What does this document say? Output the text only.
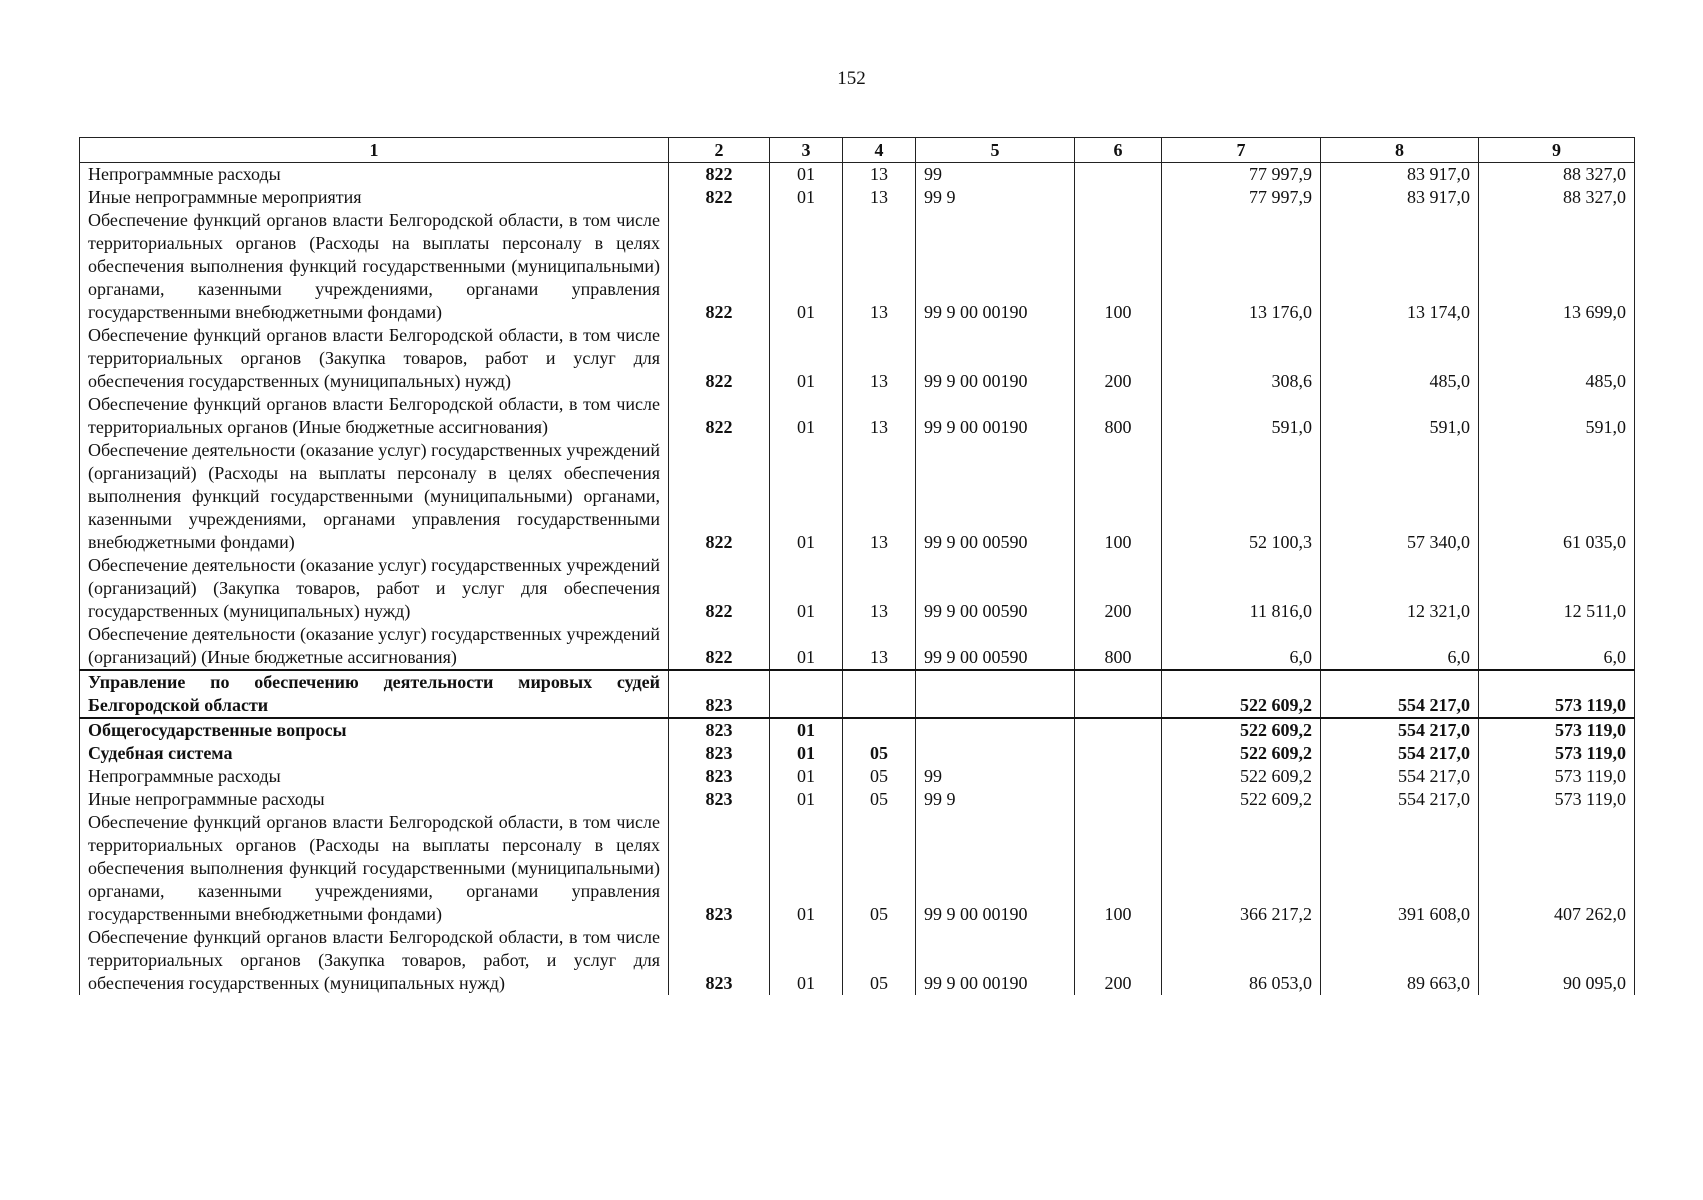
152
1	2	3	4	5	6	7	8	9
Непрограммные расходы	822	01	13	99		77 997,9	83 917,0	88 327,0
Иные непрограммные мероприятия	822	01	13	99 9		77 997,9	83 917,0	88 327,0
Обеспечение функций органов власти Белгородской области, в том числе территориальных органов (Расходы на выплаты персоналу в целях обеспечения выполнения функций государственными (муниципальными) органами, казенными учреждениями, органами управления государственными внебюджетными фондами)	822	01	13	99 9 00 00190	100	13 176,0	13 174,0	13 699,0
Обеспечение функций органов власти Белгородской области, в том числе территориальных органов (Закупка товаров, работ и услуг для обеспечения государственных (муниципальных) нужд)	822	01	13	99 9 00 00190	200	308,6	485,0	485,0
Обеспечение функций органов власти Белгородской области, в том числе территориальных органов (Иные бюджетные ассигнования)	822	01	13	99 9 00 00190	800	591,0	591,0	591,0
Обеспечение деятельности (оказание услуг) государственных учреждений (организаций) (Расходы на выплаты персоналу в целях обеспечения выполнения функций государственными (муниципальными) органами, казенными учреждениями, органами управления государственными внебюджетными фондами)	822	01	13	99 9 00 00590	100	52 100,3	57 340,0	61 035,0
Обеспечение деятельности (оказание услуг) государственных учреждений (организаций) (Закупка товаров, работ и услуг для обеспечения государственных (муниципальных) нужд)	822	01	13	99 9 00 00590	200	11 816,0	12 321,0	12 511,0
Обеспечение деятельности (оказание услуг) государственных учреждений (организаций) (Иные бюджетные ассигнования)	822	01	13	99 9 00 00590	800	6,0	6,0	6,0
Управление по обеспечению деятельности мировых судей Белгородской области	823					522 609,2	554 217,0	573 119,0
Общегосударственные вопросы	823	01				522 609,2	554 217,0	573 119,0
Судебная система	823	01	05			522 609,2	554 217,0	573 119,0
Непрограммные расходы	823	01	05	99		522 609,2	554 217,0	573 119,0
Иные непрограммные расходы	823	01	05	99 9		522 609,2	554 217,0	573 119,0
Обеспечение функций органов власти Белгородской области, в том числе территориальных органов (Расходы на выплаты персоналу в целях обеспечения выполнения функций государственными (муниципальными) органами, казенными учреждениями, органами управления государственными внебюджетными фондами)	823	01	05	99 9 00 00190	100	366 217,2	391 608,0	407 262,0
Обеспечение функций органов власти Белгородской области, в том числе территориальных органов (Закупка товаров, работ, и услуг для обеспечения государственных (муниципальных нужд)	823	01	05	99 9 00 00190	200	86 053,0	89 663,0	90 095,0
